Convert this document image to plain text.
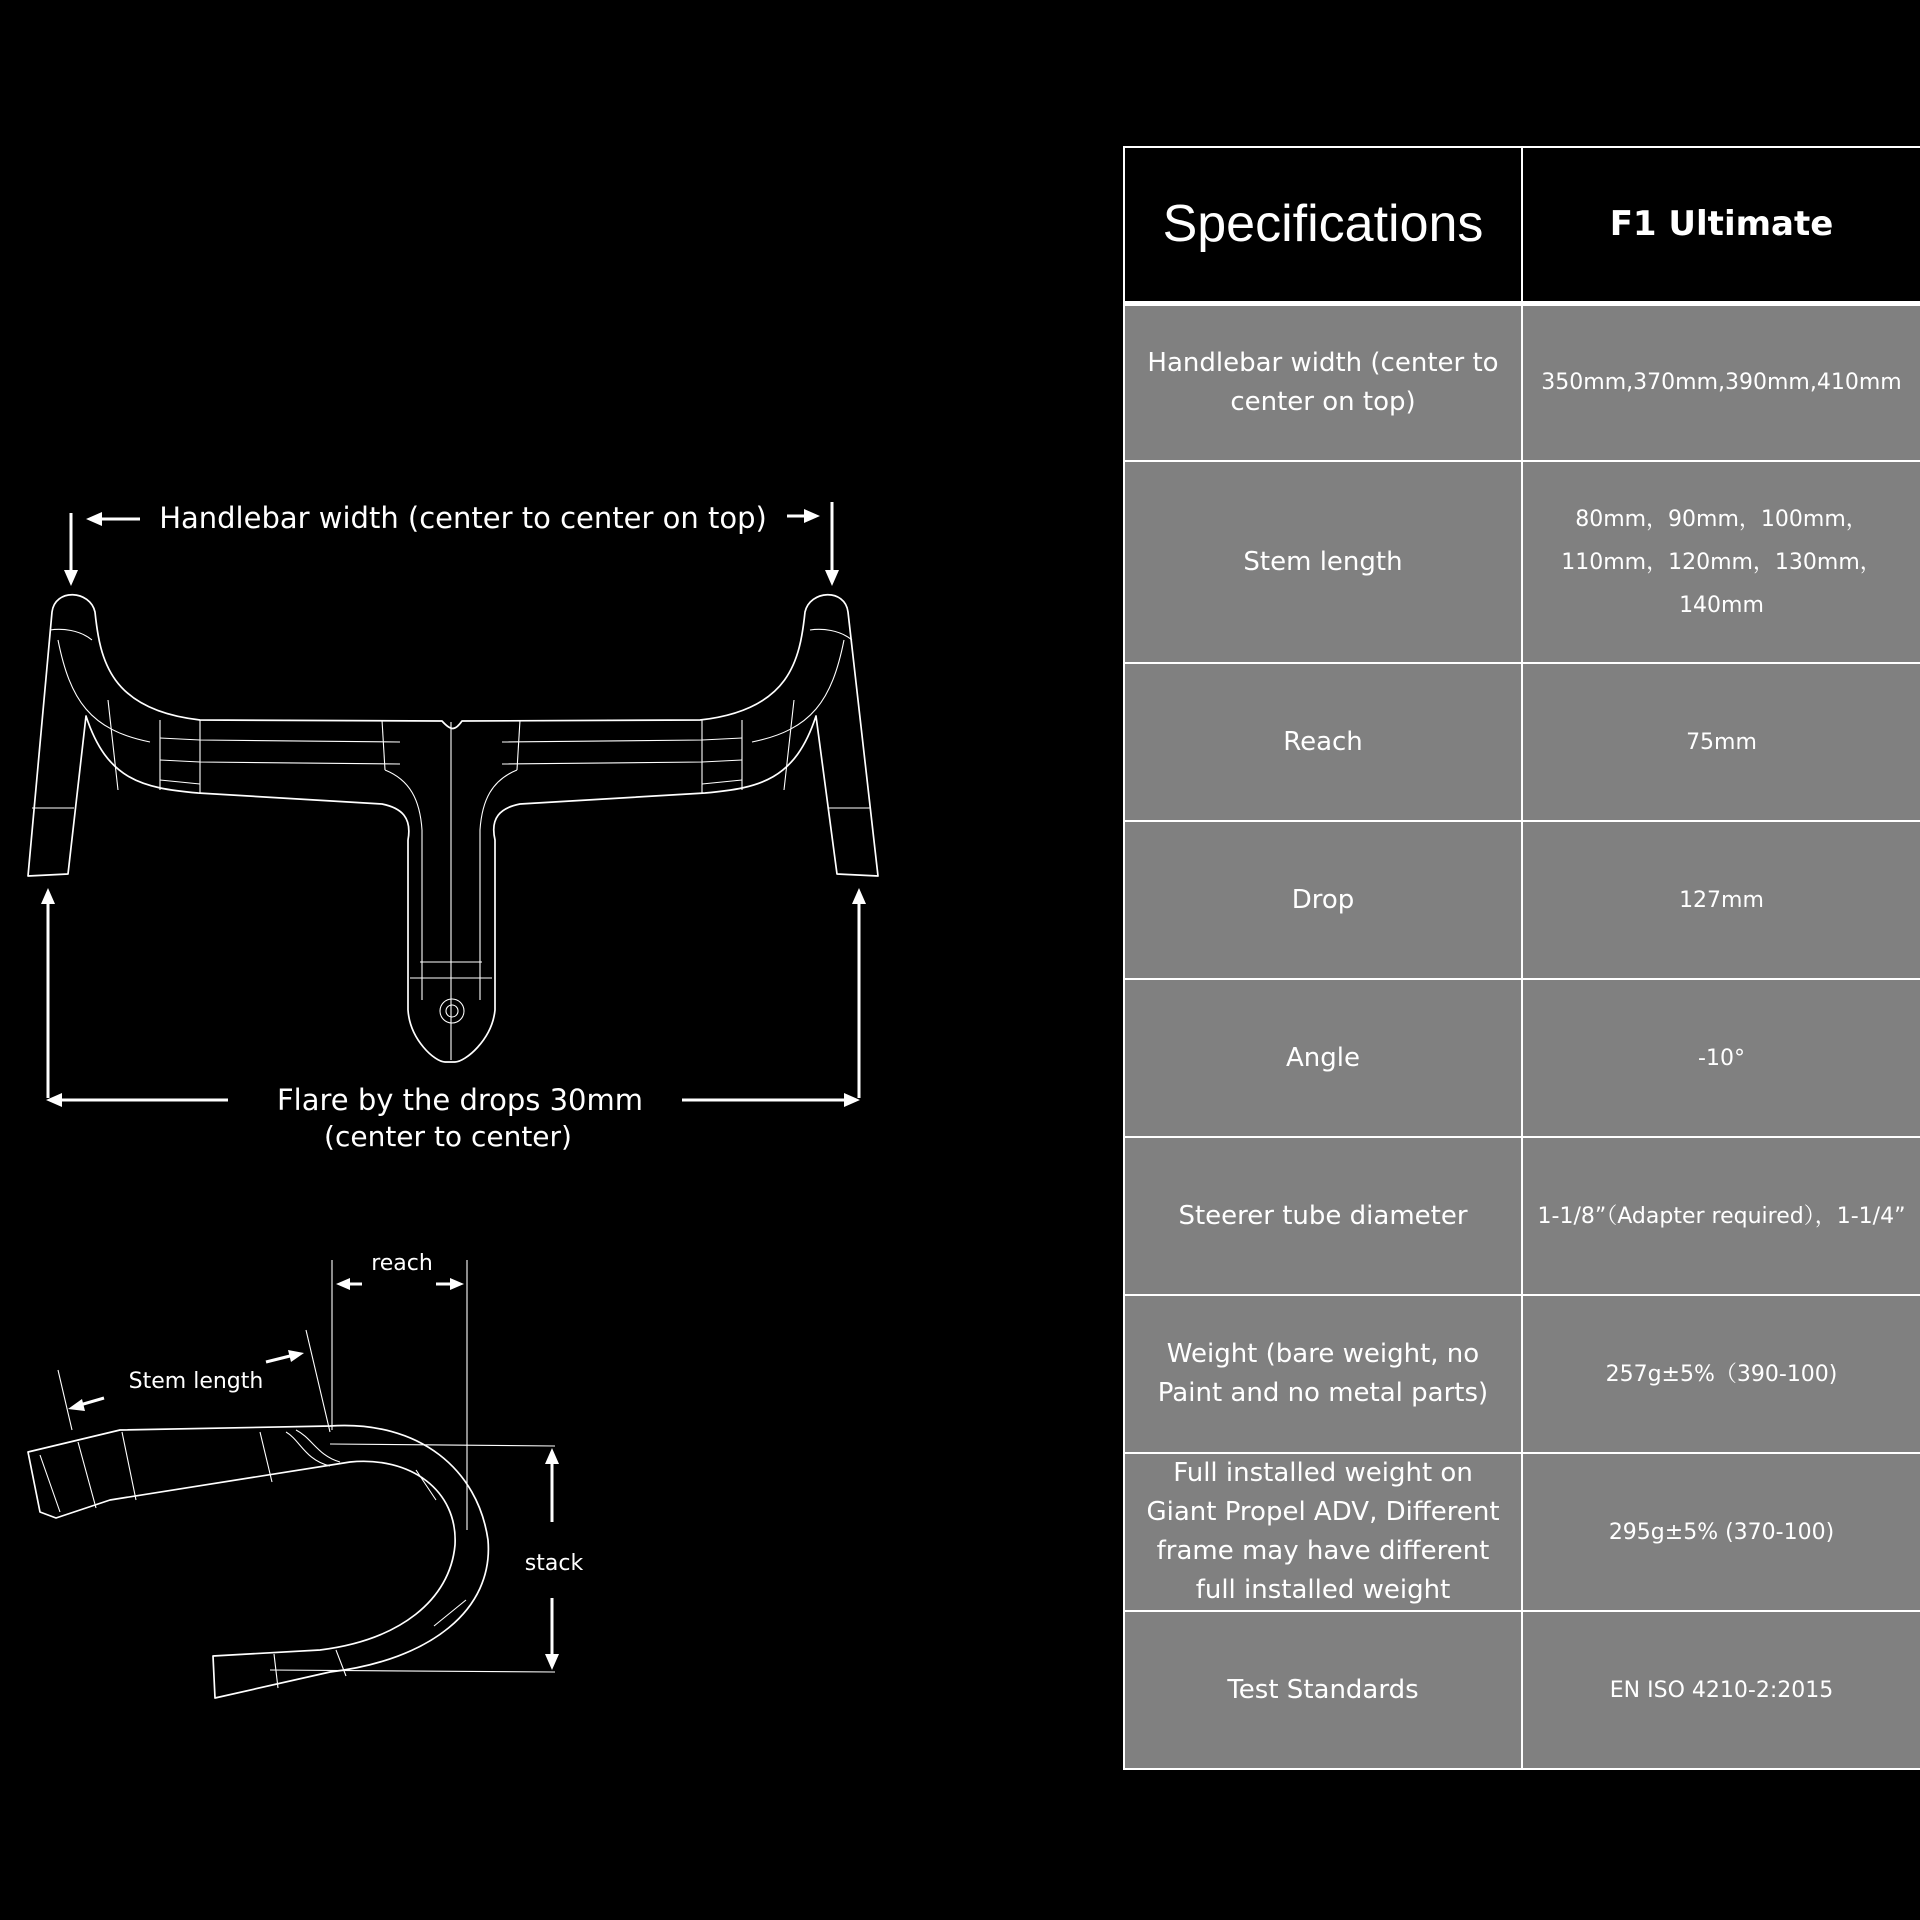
Handlebar width (center to center on top)
Flare by the drops 30mm
(center to center)
reach
Stem length
stack
Specifications	F1 Ultimate
Handlebar width (center to center on top)	350mm,370mm,390mm,410mm
Stem length	80mm，90mm，100mm，110mm，120mm，130mm，140mm
Reach	75mm
Drop	127mm
Angle	-10°
Steerer tube diameter	1-1/8”（Adapter required），1-1/4”
Weight (bare weight, no Paint and no metal parts)	257g±5%（390-100)
Full installed weight on Giant Propel ADV, Different frame may have different full installed weight	295g±5% (370-100)
Test Standards	EN ISO 4210-2:2015
